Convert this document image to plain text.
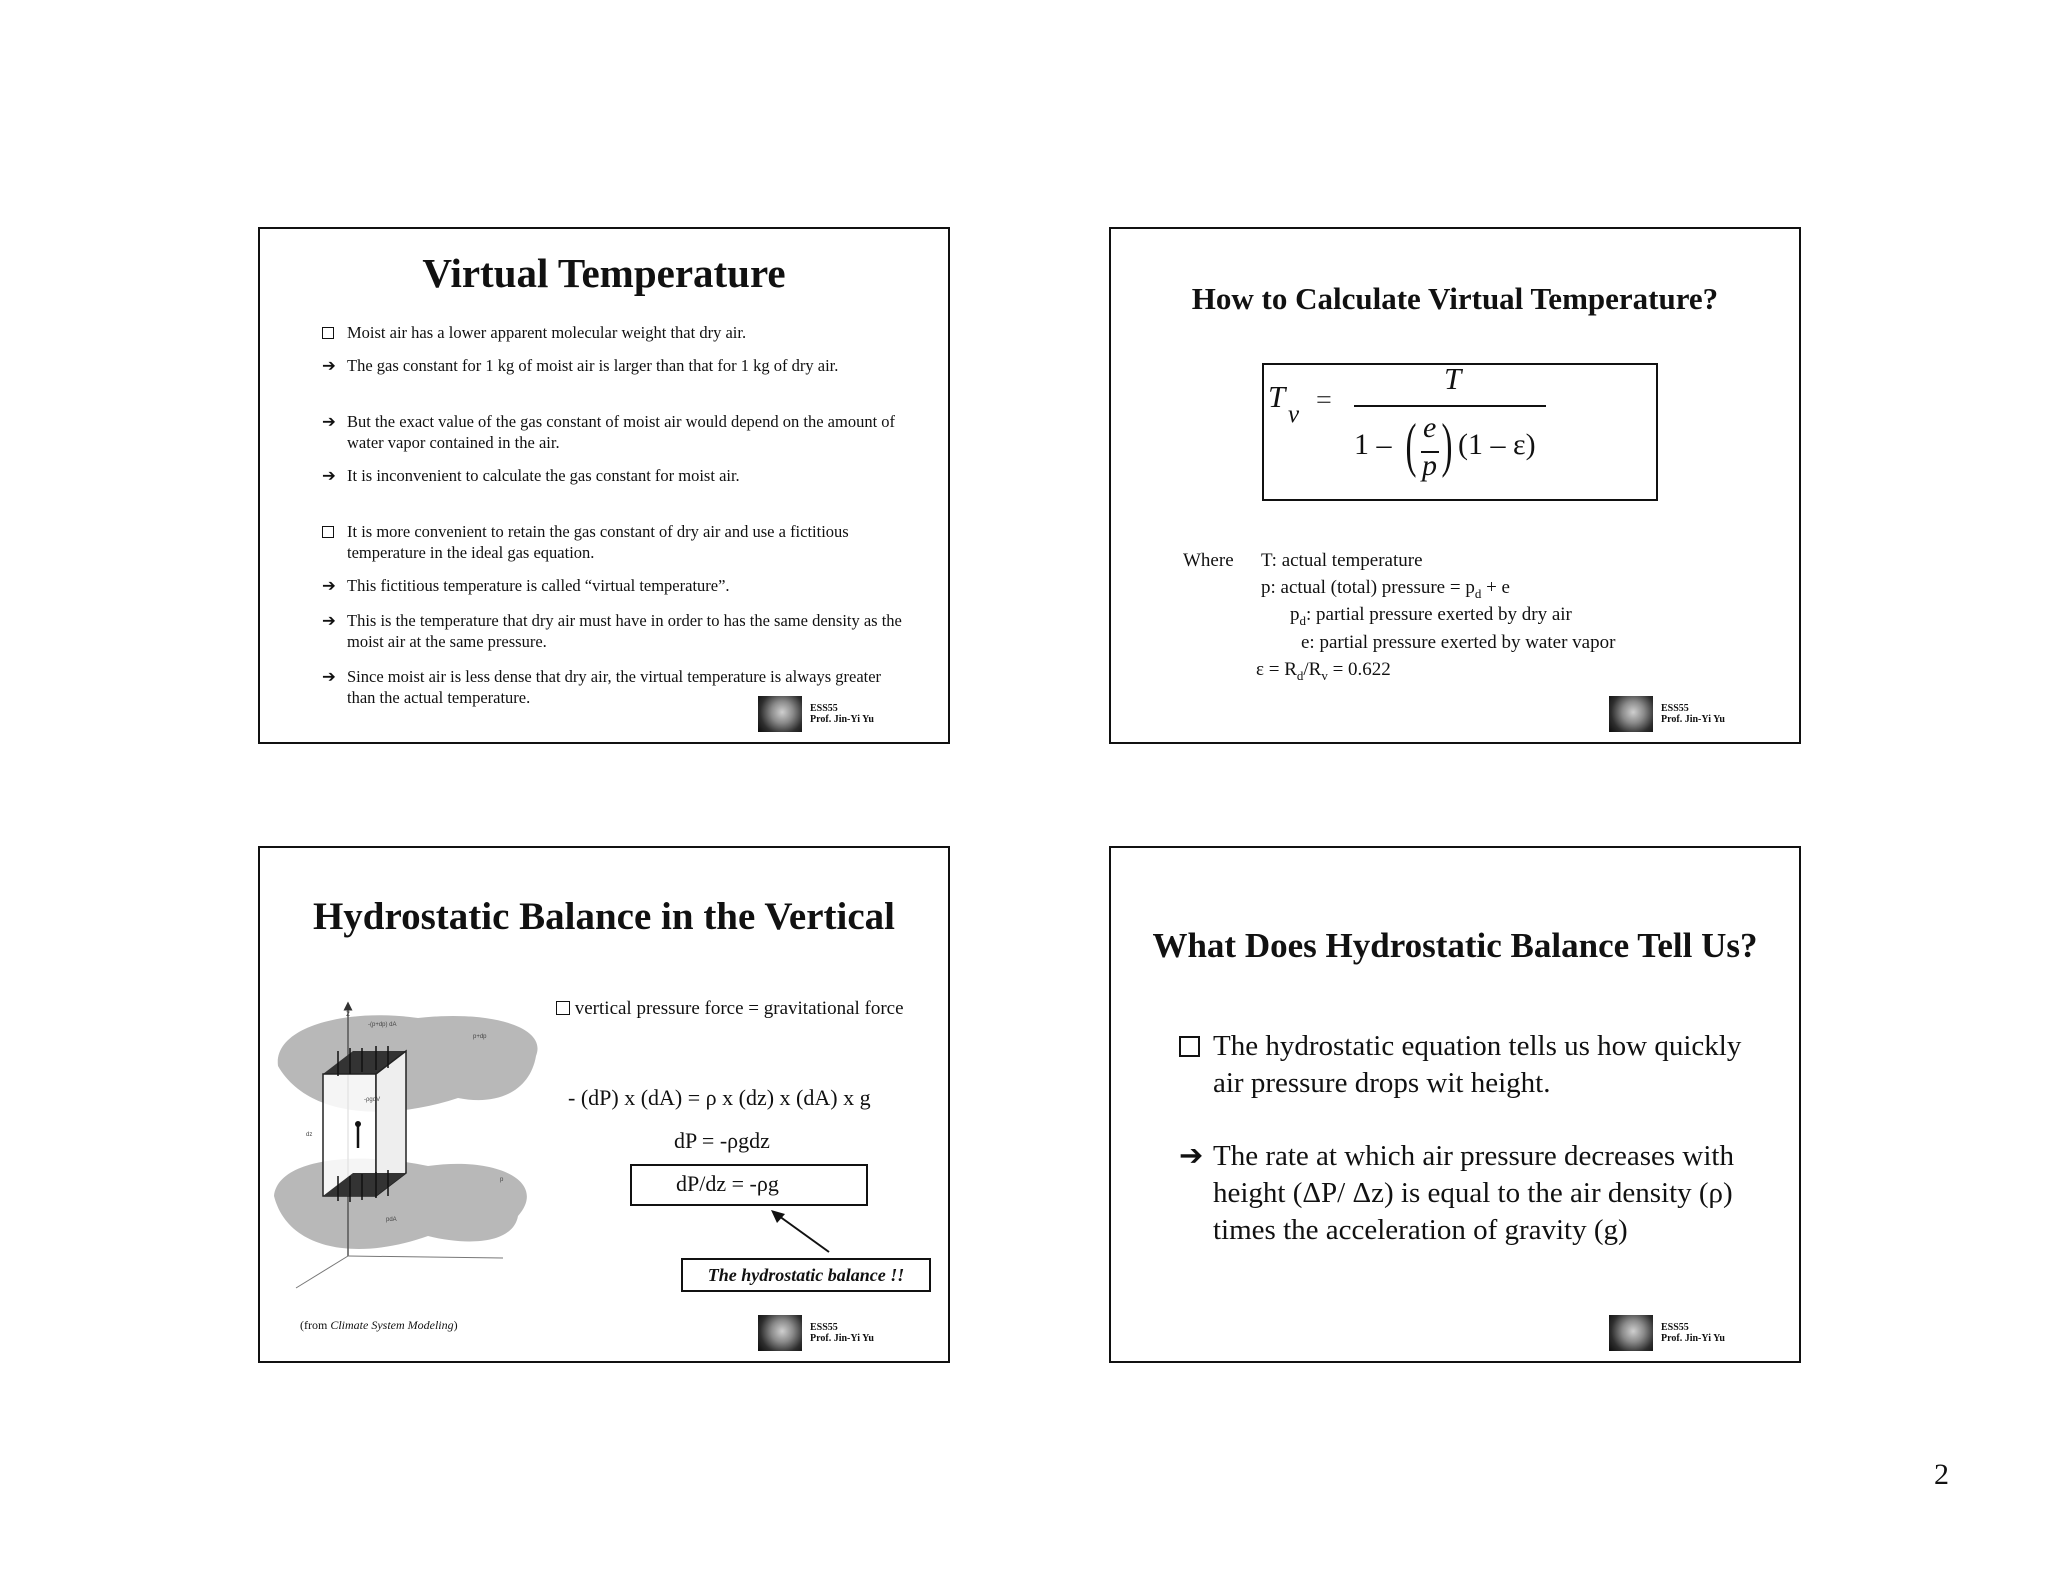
Virtual Temperature
Moist air has a lower apparent molecular weight that dry air.
➔ The gas constant for 1 kg of moist air is larger than that for 1 kg of dry air.
➔ But the exact value of the gas constant of moist air would depend on the amount of water vapor contained in the air.
➔ It is inconvenient to calculate the gas constant for moist air.
It is more convenient to retain the gas constant of dry air and use a fictitious temperature in the ideal gas equation.
➔ This fictitious temperature is called “virtual temperature”.
➔ This is the temperature that dry air must have in order to has the same density as the moist air at the same pressure.
➔ Since moist air is less dense that dry air, the virtual temperature is always greater than the actual temperature.
ESS55
Prof. Jin-Yi Yu
How to Calculate Virtual Temperature?
T
v =
T
1 – ( e
p ) (1 – ε)
Where T: actual temperature
p: actual (total) pressure = $p_d + e$
$p_d$: partial pressure exerted by dry air
e: partial pressure exerted by water vapor
$\varepsilon = R_d/R_v = 0.622$
ESS55
Prof. Jin-Yi Yu
Hydrostatic Balance in the Vertical
z
-(p+dp) dA
p+dp
-ρgdV
dz
p
pdA
vertical pressure force = gravitational force
- (dP) x (dA) = ρ x (dz) x (dA) x g
dP = -ρgdz
dP/dz = -ρg
The hydrostatic balance !!
(from Climate System Modeling)	ESS55
Prof. Jin-Yi Yu
What Does Hydrostatic Balance Tell Us?
The hydrostatic equation tells us how quickly air pressure drops wit height.
➔ The rate at which air pressure decreases with height (ΔP/ Δz) is equal to the air density (ρ) times the acceleration of gravity (g)
ESS55
Prof. Jin-Yi Yu
2
